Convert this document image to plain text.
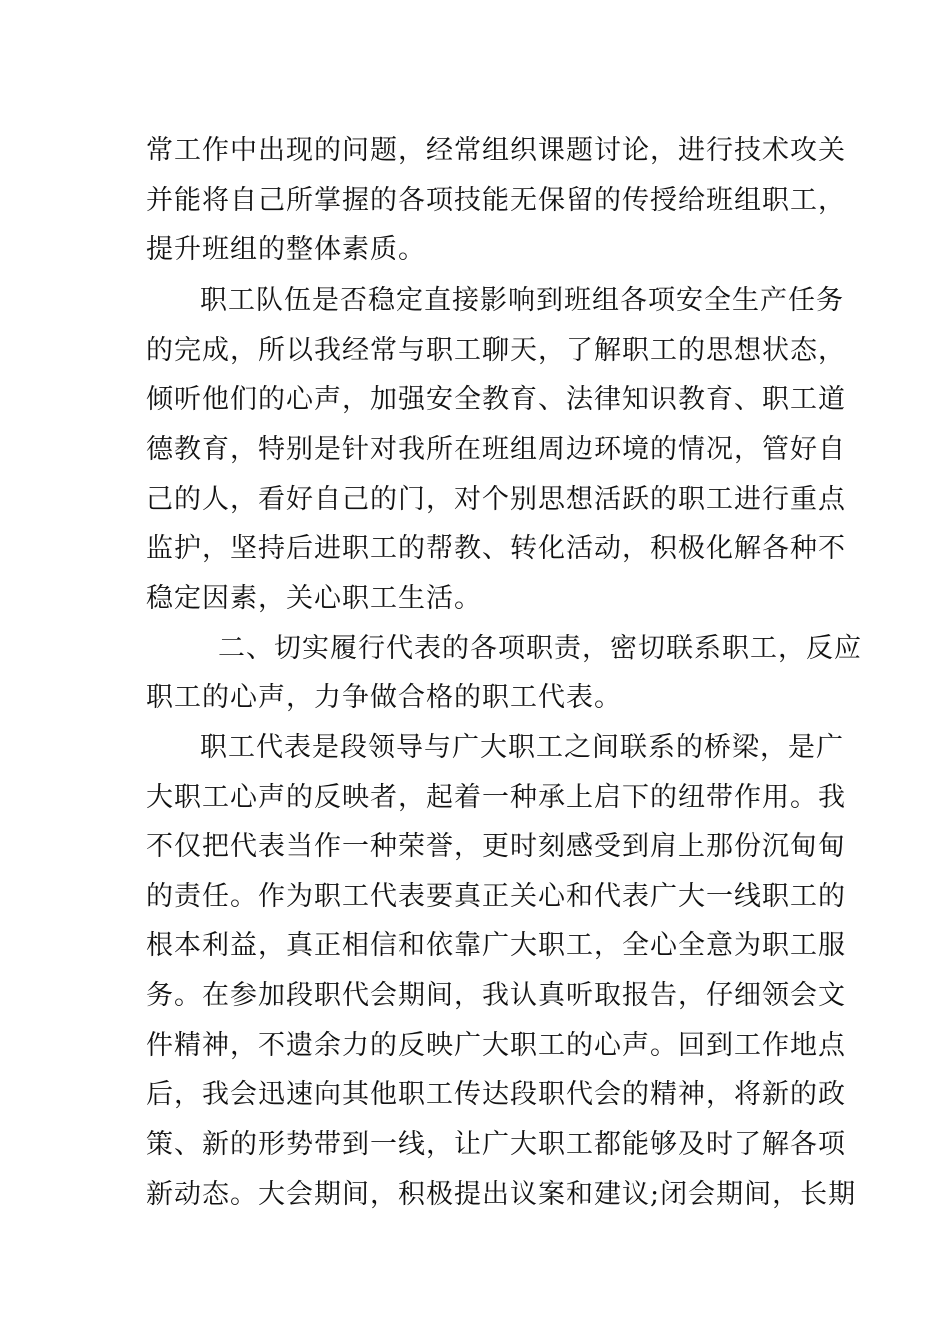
常工作中出现的问题，经常组织课题讨论，进行技术攻关
并能将自己所掌握的各项技能无保留的传授给班组职工，
提升班组的整体素质。
职工队伍是否稳定直接影响到班组各项安全生产任务
的完成，所以我经常与职工聊天，了解职工的思想状态，
倾听他们的心声，加强安全教育、法律知识教育、职工道
德教育，特别是针对我所在班组周边环境的情况，管好自
己的人，看好自己的门，对个别思想活跃的职工进行重点
监护，坚持后进职工的帮教、转化活动，积极化解各种不
稳定因素，关心职工生活。
二、切实履行代表的各项职责，密切联系职工，反应
职工的心声，力争做合格的职工代表。
职工代表是段领导与广大职工之间联系的桥梁，是广
大职工心声的反映者，起着一种承上启下的纽带作用。我
不仅把代表当作一种荣誉，更时刻感受到肩上那份沉甸甸
的责任。作为职工代表要真正关心和代表广大一线职工的
根本利益，真正相信和依靠广大职工，全心全意为职工服
务。在参加段职代会期间，我认真听取报告，仔细领会文
件精神，不遗余力的反映广大职工的心声。回到工作地点
后，我会迅速向其他职工传达段职代会的精神，将新的政
策、新的形势带到一线，让广大职工都能够及时了解各项
新动态。大会期间，积极提出议案和建议;闭会期间，长期
